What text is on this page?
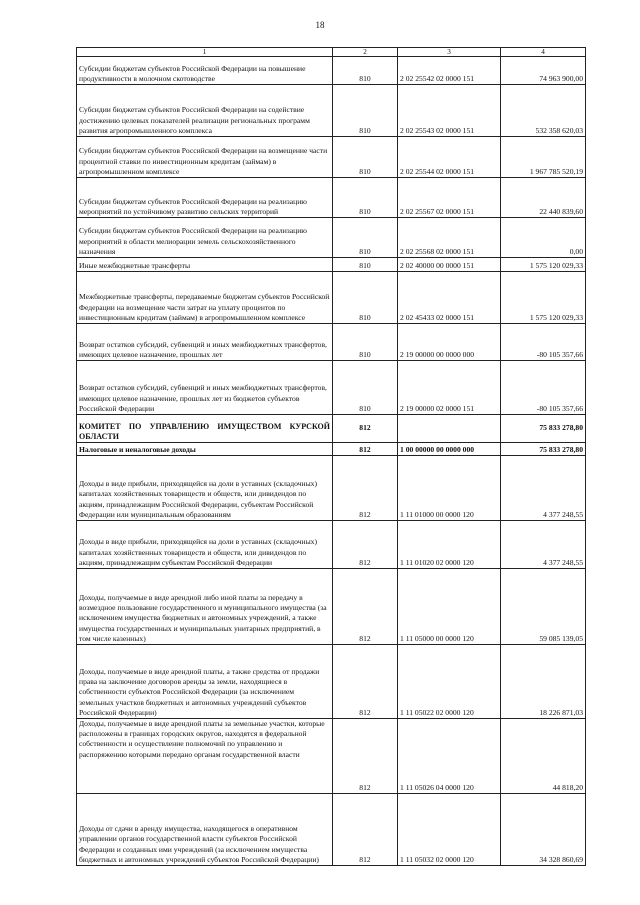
18
1	2	3	4
Субсидии бюджетам субъектов Российской Федерации на повышение продуктивности в молочном скотоводстве	810	2 02 25542 02 0000 151	74 963 900,00
Субсидии бюджетам субъектов Российской Федерации на содействие достижению целевых показателей реализации региональных программ развития агропромышленного комплекса	810	2 02 25543 02 0000 151	532 358 620,03
Субсидии бюджетам субъектов Российской Федерации на возмещение части процентной ставки по инвестиционным кредитам (займам) в агропромышленном комплексе	810	2 02 25544 02 0000 151	1 967 785 520,19
Субсидии бюджетам субъектов Российской Федерации на реализацию мероприятий по устойчивому развитию сельских территорий	810	2 02 25567 02 0000 151	22 440 839,60
Субсидии бюджетам субъектов Российской Федерации на реализацию мероприятий в области мелиорации земель сельскохозяйственного назначения	810	2 02 25568 02 0000 151	0,00
Иные межбюджетные трансферты	810	2 02 40000 00 0000 151	1 575 120 029,33
Межбюджетные трансферты, передаваемые бюджетам субъектов Российской Федерации на возмещение части затрат на уплату процентов по инвестиционным кредитам (займам) в агропромышленном комплексе	810	2 02 45433 02 0000 151	1 575 120 029,33
Возврат остатков субсидий, субвенций и иных межбюджетных трансфертов, имеющих целевое назначение, прошлых лет	810	2 19 00000 00 0000 000	-80 105 357,66
Возврат остатков субсидий, субвенций и иных межбюджетных трансфертов, имеющих целевое назначение, прошлых лет из бюджетов субъектов Российской Федерации	810	2 19 00000 02 0000 151	-80 105 357,66
КОМИТЕТ ПО УПРАВЛЕНИЮ ИМУЩЕСТВОМ КУРСКОЙ ОБЛАСТИ	812		75 833 278,80
Налоговые и неналоговые доходы	812	1 00 00000 00 0000 000	75 833 278,80
Доходы в виде прибыли, приходящейся на доли в уставных (складочных) капиталах хозяйственных товариществ и обществ, или дивидендов по акциям, принадлежащим Российской Федерации, субъектам Российской Федерации или муниципальным образованиям	812	1 11 01000 00 0000 120	4 377 248,55
Доходы в виде прибыли, приходящейся на доли в уставных (складочных) капиталах хозяйственных товариществ и обществ, или дивидендов по акциям, принадлежащим субъектам Российской Федерации	812	1 11 01020 02 0000 120	4 377 248,55
Доходы, получаемые в виде арендной либо иной платы за передачу в возмездное пользование государственного и муниципального имущества (за исключением имущества бюджетных и автономных учреждений, а также имущества государственных и муниципальных унитарных предприятий, в том числе казенных)	812	1 11 05000 00 0000 120	59 085 139,05
Доходы, получаемые в виде арендной платы, а также средства от продажи права на заключение договоров аренды за земли, находящиеся в собственности субъектов Российской Федерации (за исключением земельных участков бюджетных и автономных учреждений субъектов Российской Федерации)	812	1 11 05022 02 0000 120	18 226 871,03
Доходы, получаемые в виде арендной платы за земельные участки, которые расположены в границах городских округов, находятся в федеральной собственности и осуществление полномочий по управлению и распоряжению которыми передано органам государственной власти	812	1 11 05026 04 0000 120	44 818,20
Доходы от сдачи в аренду имущества, находящегося в оперативном управлении органов государственной власти субъектов Российской Федерации и созданных ими учреждений (за исключением имущества бюджетных и автономных учреждений субъектов Российской Федерации)	812	1 11 05032 02 0000 120	34 328 860,69
